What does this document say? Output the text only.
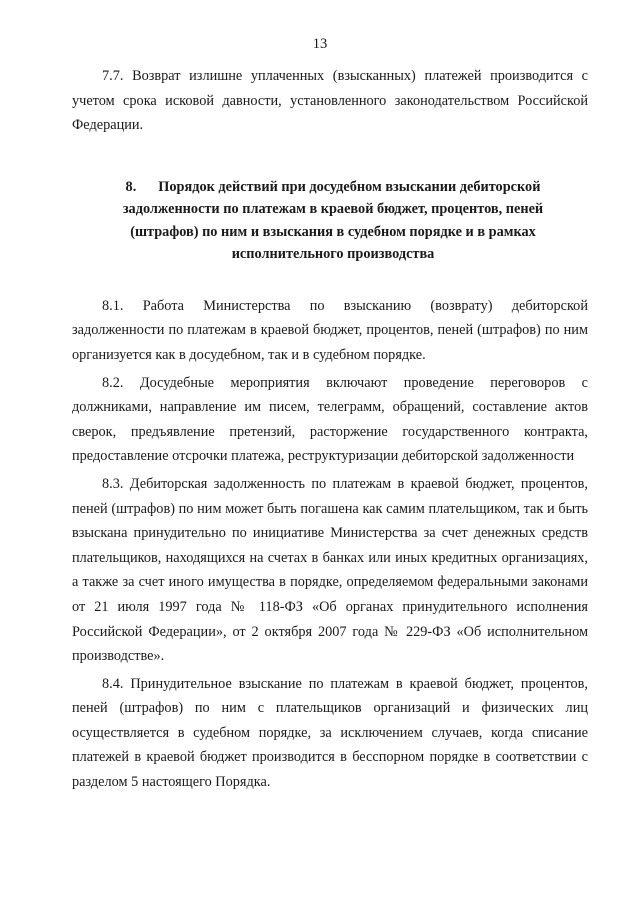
13

7.7. Возврат излишне уплаченных (взысканных) платежей производится с учетом срока исковой давности, установленного законодательством Российской Федерации.

8. Порядок действий при досудебном взыскании дебиторской задолженности по платежам в краевой бюджет, процентов, пеней (штрафов) по ним и взыскания в судебном порядке и в рамках исполнительного производства

8.1. Работа Министерства по взысканию (возврату) дебиторской задолженности по платежам в краевой бюджет, процентов, пеней (штрафов) по ним организуется как в досудебном, так и в судебном порядке.

8.2. Досудебные мероприятия включают проведение переговоров с должниками, направление им писем, телеграмм, обращений, составление актов сверок, предъявление претензий, расторжение государственного контракта, предоставление отсрочки платежа, реструктуризации дебиторской задолженности

8.3. Дебиторская задолженность по платежам в краевой бюджет, процентов, пеней (штрафов) по ним может быть погашена как самим плательщиком, так и быть взыскана принудительно по инициативе Министерства за счет денежных средств плательщиков, находящихся на счетах в банках или иных кредитных организациях, а также за счет иного имущества в порядке, определяемом федеральными законами от 21 июля 1997 года № 118-ФЗ «Об органах принудительного исполнения Российской Федерации», от 2 октября 2007 года № 229-ФЗ «Об исполнительном производстве».

8.4. Принудительное взыскание по платежам в краевой бюджет, процентов, пеней (штрафов) по ним с плательщиков организаций и физических лиц осуществляется в судебном порядке, за исключением случаев, когда списание платежей в краевой бюджет производится в бесспорном порядке в соответствии с разделом 5 настоящего Порядка.
